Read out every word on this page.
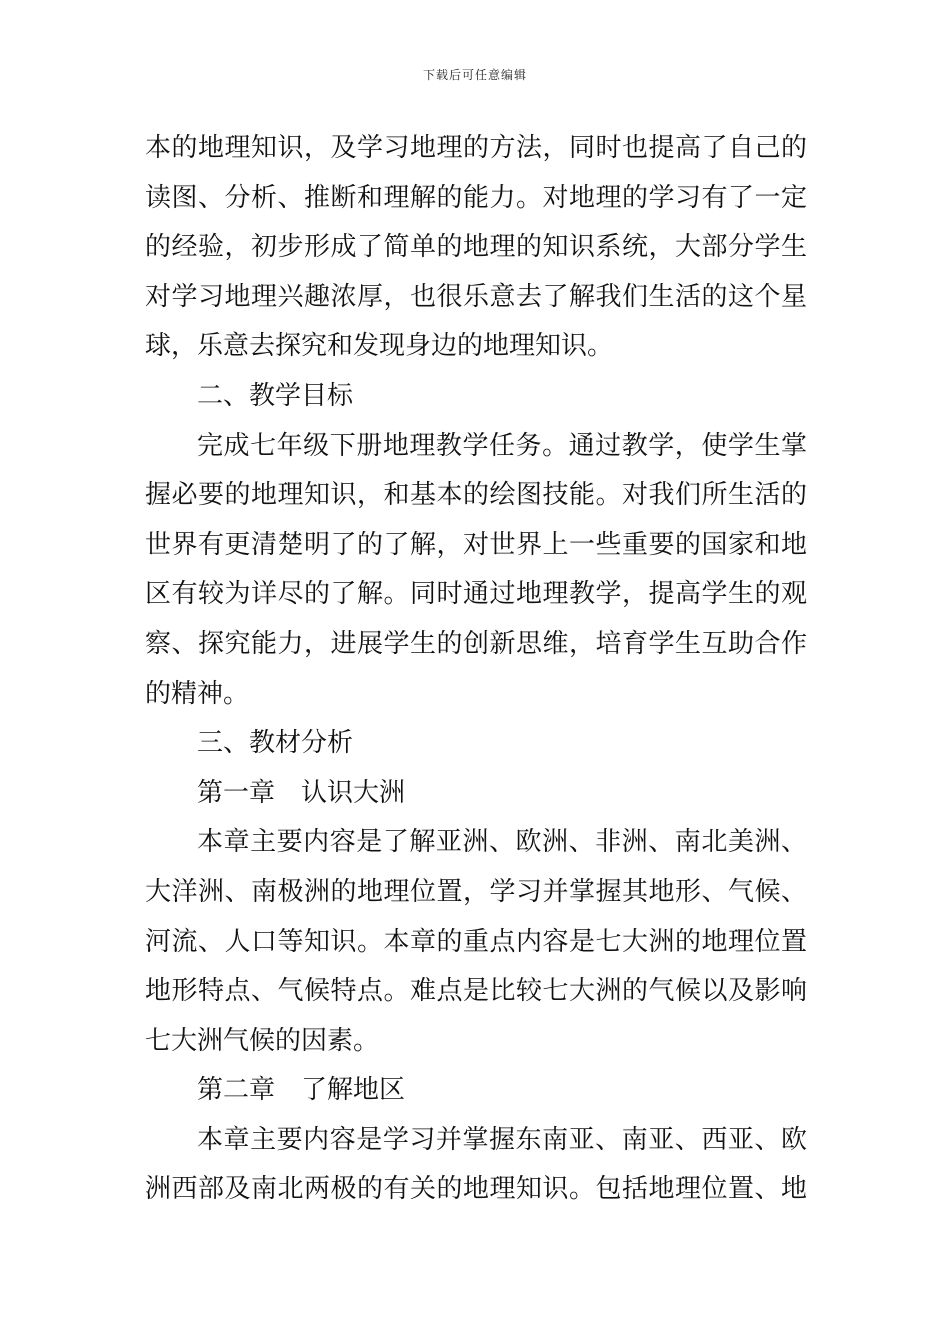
下载后可任意编辑
本的地理知识，及学习地理的方法，同时也提高了自己的
读图、分析、推断和理解的能力。对地理的学习有了一定
的经验，初步形成了简单的地理的知识系统，大部分学生
对学习地理兴趣浓厚，也很乐意去了解我们生活的这个星
球，乐意去探究和发现身边的地理知识。
二、教学目标
完成七年级下册地理教学任务。通过教学，使学生掌
握必要的地理知识，和基本的绘图技能。对我们所生活的
世界有更清楚明了的了解，对世界上一些重要的国家和地
区有较为详尽的了解。同时通过地理教学，提高学生的观
察、探究能力，进展学生的创新思维，培育学生互助合作
的精神。
三、教材分析
第一章　认识大洲
本章主要内容是了解亚洲、欧洲、非洲、南北美洲、
大洋洲、南极洲的地理位置，学习并掌握其地形、气候、
河流、人口等知识。本章的重点内容是七大洲的地理位置
地形特点、气候特点。难点是比较七大洲的气候以及影响
七大洲气候的因素。
第二章　了解地区
本章主要内容是学习并掌握东南亚、南亚、西亚、欧
洲西部及南北两极的有关的地理知识。包括地理位置、地
